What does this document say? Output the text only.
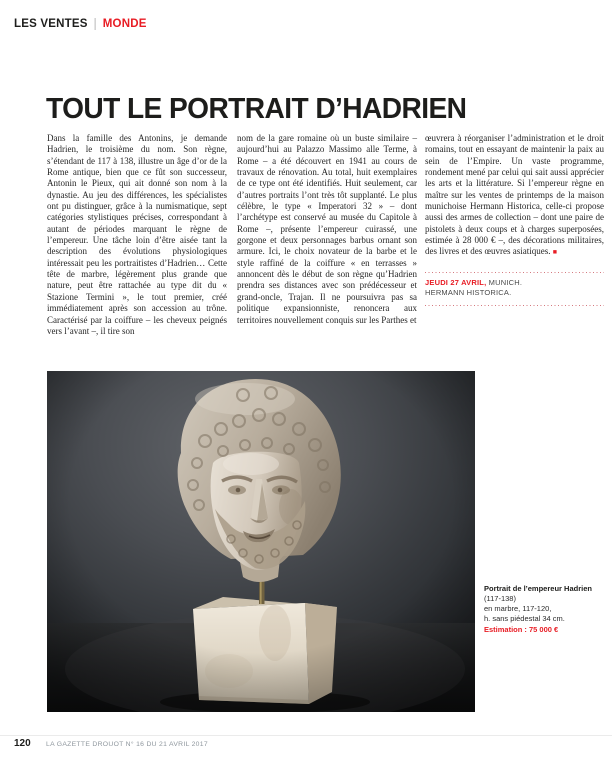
LES VENTES | MONDE
TOUT LE PORTRAIT D’HADRIEN

Dans la famille des Antonins, je demande Hadrien, le troisième du nom. Son règne, s’étendant de 117 à 138, illustre un âge d’or de la Rome antique, bien que ce fût son successeur, Antonin le Pieux, qui ait donné son nom à la dynastie. Au jeu des différences, les spécialistes ont pu distinguer, grâce à la numismatique, sept catégories stylistiques précises, correspondant à autant de périodes marquant le règne de l’empereur. Une tâche loin d’être aisée tant la description des évolutions physiologiques intéressait peu les portraitistes d’Hadrien… Cette tête de marbre, légèrement plus grande que nature, peut être rattachée au type dit du « Stazione Termini », le tout premier, créé immédiatement après son accession au trône. Caractérisé par la coiffure – les cheveux peignés vers l’avant –, il tire son

nom de la gare romaine où un buste similaire – aujourd’hui au Palazzo Massimo alle Terme, à Rome – a été découvert en 1941 au cours de travaux de rénovation. Au total, huit exemplaires de ce type ont été identifiés. Huit seulement, car d’autres portraits l’ont très tôt supplanté. Le plus célèbre, le type « Imperatori 32 » – dont l’archétype est conservé au musée du Capitole à Rome –, présente l’empereur cuirassé, une gorgone et deux personnages barbus ornant son armure. Ici, le choix novateur de la barbe et le style raffiné de la coiffure « en terrasses » annoncent dès le début de son règne qu’Hadrien prendra ses distances avec son prédécesseur et grand-oncle, Trajan. Il ne poursuivra pas sa politique expansionniste, renoncera aux territoires nouvellement conquis sur les Parthes et

œuvrera à réorganiser l’administration et le droit romains, tout en essayant de maintenir la paix au sein de l’Empire. Un vaste programme, rondement mené par celui qui sait aussi apprécier les arts et la littérature. Si l’empereur règne en maître sur les ventes de printemps de la maison munichoise Hermann Historica, celle-ci propose aussi des armes de collection – dont une paire de pistolets à deux coups et à charges superposées, estimée à 28 000 € –, des décorations militaires, des livres et des œuvres asiatiques. ■

JEUDI 27 AVRIL, MUNICH.
HERMANN HISTORICA.
Portrait de l’empereur Hadrien (117-138)
en marbre, 117-120,
h. sans piédestal 34 cm.
Estimation : 75 000 €
120 LA GAZETTE DROUOT N° 16 DU 21 AVRIL 2017
